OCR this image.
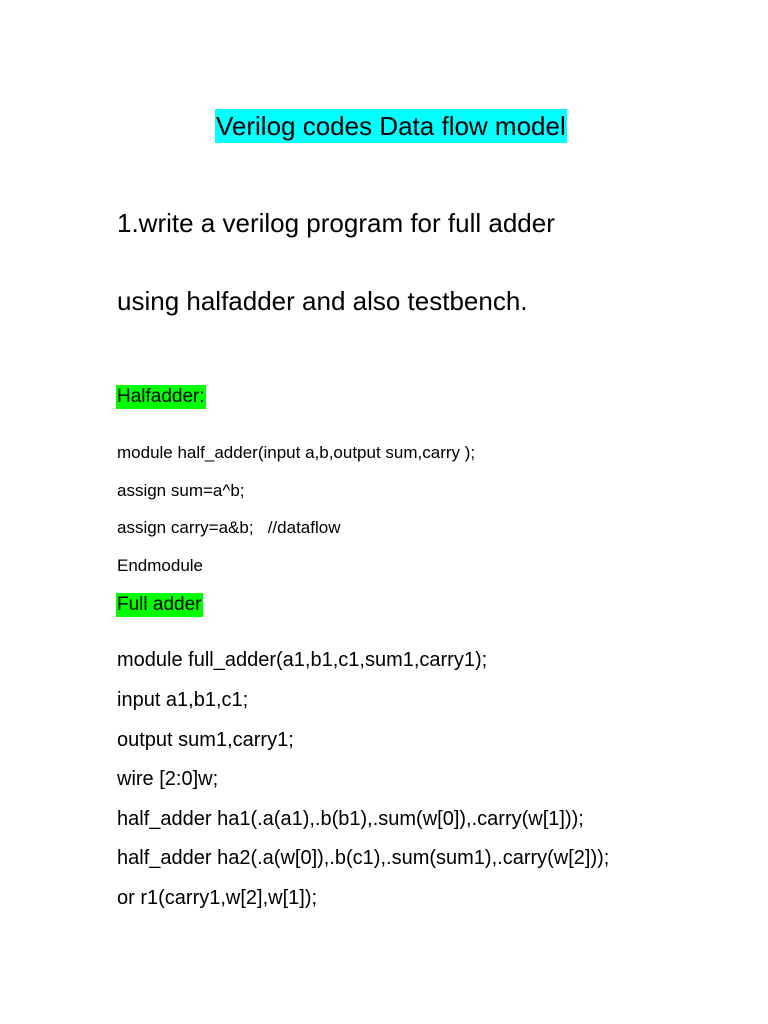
Verilog codes Data flow model
1.write a verilog program for full adder
using halfadder and also testbench.
Halfadder:
module half_adder(input a,b,output sum,carry );
assign sum=a^b;
assign carry=a&b;   //dataflow
Endmodule
Full adder
module full_adder(a1,b1,c1,sum1,carry1);
input a1,b1,c1;
output sum1,carry1;
wire [2:0]w;
half_adder ha1(.a(a1),.b(b1),.sum(w[0]),.carry(w[1]));
half_adder ha2(.a(w[0]),.b(c1),.sum(sum1),.carry(w[2]));
or r1(carry1,w[2],w[1]);
